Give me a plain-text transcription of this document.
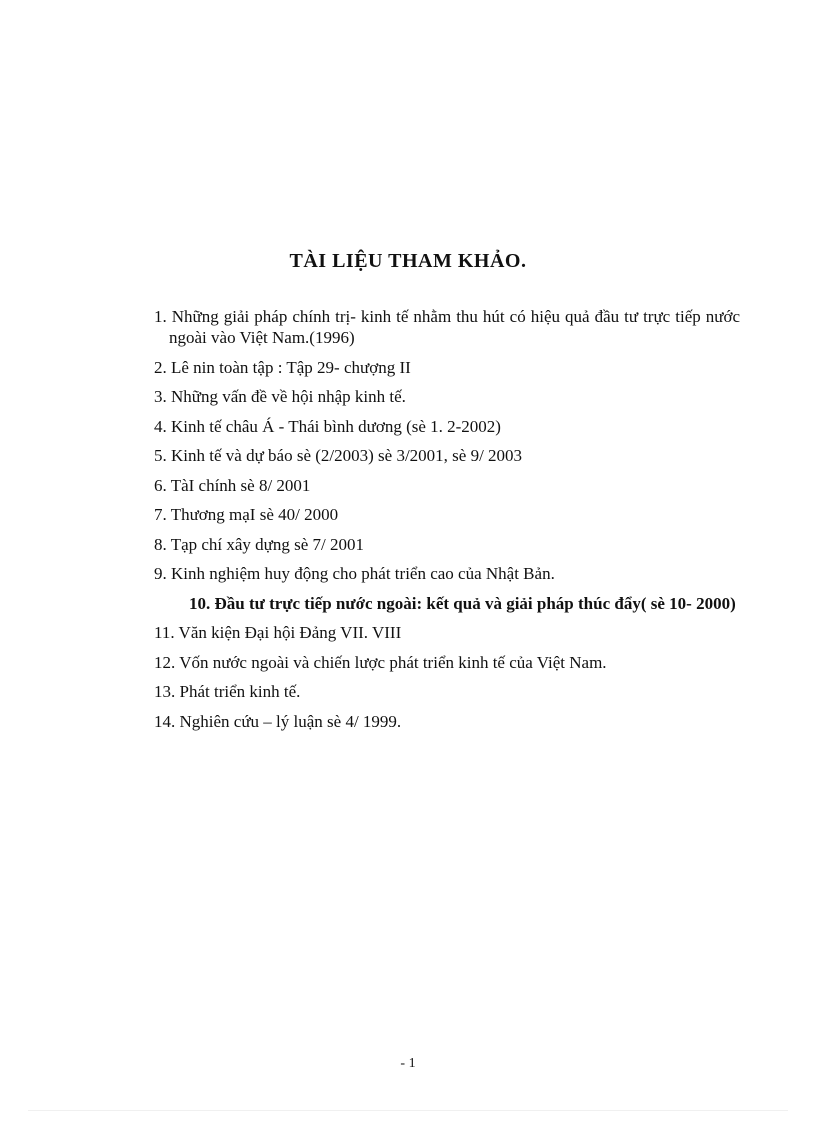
TÀI LIỆU THAM KHẢO.
1. Những giải pháp chính trị- kinh tế nhằm thu hút có hiệu quả đầu tư trực tiếp nước ngoài vào Việt Nam.(1996)
2. Lê nin toàn tập : Tập 29- chượng II
3. Những vấn đề về hội nhập kinh tế.
4. Kinh tế châu Á - Thái bình dương (sè 1. 2-2002)
5. Kinh tế và dự báo sè (2/2003) sè 3/2001, sè 9/ 2003
6. TàI chính sè 8/ 2001
7. Thương mạI sè 40/ 2000
8. Tạp chí xây dựng sè 7/ 2001
9. Kinh nghiệm huy động cho phát triển cao của Nhật Bản.
10. Đầu tư trực tiếp nước ngoài: kết quả và giải pháp thúc đẩy( sè 10- 2000)
11. Văn kiện Đại hội Đảng VII. VIII
12. Vốn nước ngoài và chiến lược phát triển kinh tế của Việt Nam.
13. Phát triển kinh tế.
14. Nghiên cứu – lý luận sè 4/ 1999.
- 1
